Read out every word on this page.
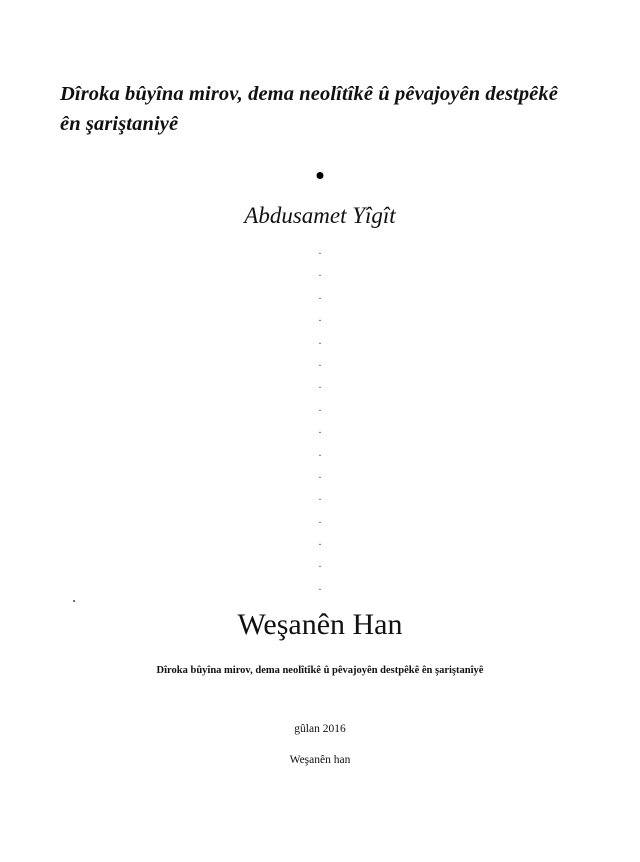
Dîroka bûyîna mirov, dema neolîtîkê û pêvajoyên destpêkê ên şariştaniyê
Abdusamet Yîgît
.
.
.
.
.
.
.
.
.
.
.
.
.
.
.
.
Weşanên Han
Dîroka bûyîna mirov, dema neolîtîkê û pêvajoyên destpêkê ên şariştanîyê
gûlan 2016
Weşanên han
